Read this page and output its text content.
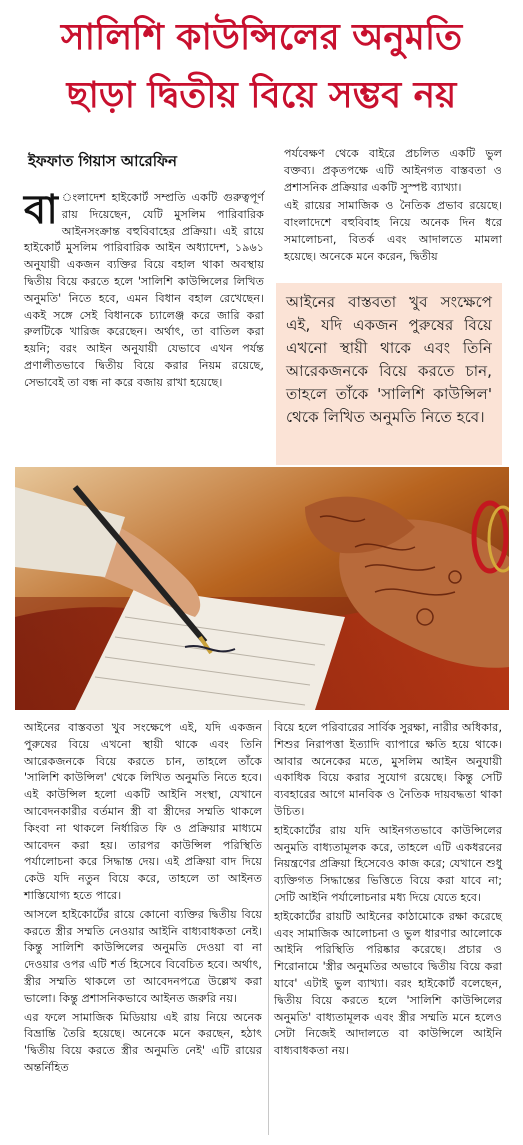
সালিশি কাউন্সিলের অনুমতি
ছাড়া দ্বিতীয় বিয়ে সম্ভব নয়
ইফফাত গিয়াস আরেফিন
বা ংলাদেশ হাইকোর্ট সম্প্রতি একটি গুরুত্বপূর্ণ রায় দিয়েছেন, যেটি মুসলিম পারিবারিক আইনসংক্রান্ত বহুবিবাহের প্রক্রিয়া। এই রায়ে হাইকোর্ট মুসলিম পারিবারিক আইন অধ্যাদেশ, ১৯৬১ অনুযায়ী একজন ব্যক্তির বিয়ে বহাল থাকা অবস্থায় দ্বিতীয় বিয়ে করতে হলে 'সালিশি কাউন্সিলের লিখিত অনুমতি' নিতে হবে, এমন বিধান বহাল রেখেছেন। একই সঙ্গে সেই বিধানকে চ্যালেঞ্জ করে জারি করা রুলটিকে খারিজ করেছেন। অর্থাৎ, তা বাতিল করা হয়নি; বরং আইন অনুযায়ী যেভাবে এখন পর্যন্ত প্রণালীতভাবে দ্বিতীয় বিয়ে করার নিয়ম রয়েছে, সেভাবেই তা বন্ধ না করে বজায় রাখা হয়েছে।

পর্যবেক্ষণ থেকে বাইরে প্রচলিত একটি ভুল বক্তব্য। প্রকৃতপক্ষে এটি আইনগত বাস্তবতা ও প্রশাসনিক প্রক্রিয়ার একটি সুস্পষ্ট ব্যাখ্যা।

এই রায়ের সামাজিক ও নৈতিক প্রভাব রয়েছে। বাংলাদেশে বহুবিবাহ নিয়ে অনেক দিন ধরে সমালোচনা, বিতর্ক এবং আদালতে মামলা হয়েছে। অনেকে মনে করেন, দ্বিতীয়

আইনের বাস্তবতা খুব সংক্ষেপে এই, যদি একজন পুরুষের বিয়ে এখনো স্থায়ী থাকে এবং তিনি আরেকজনকে বিয়ে করতে চান, তাহলে তাঁকে 'সালিশি কাউন্সিল' থেকে লিখিত অনুমতি নিতে হবে।

আইনের বাস্তবতা খুব সংক্ষেপে এই, যদি একজন পুরুষের বিয়ে এখনো স্থায়ী থাকে এবং তিনি আরেকজনকে বিয়ে করতে চান, তাহলে তাঁকে 'সালিশি কাউন্সিল' থেকে লিখিত অনুমতি নিতে হবে। এই কাউন্সিল হলো একটি আইনি সংস্থা, যেখানে আবেদনকারীর বর্তমান স্ত্রী বা স্ত্রীদের সম্মতি থাকলে কিংবা না থাকলে নির্ধারিত ফি ও প্রক্রিয়ার মাধ্যমে আবেদন করা হয়। তারপর কাউন্সিল পরিস্থিতি পর্যালোচনা করে সিদ্ধান্ত দেয়। এই প্রক্রিয়া বাদ দিয়ে কেউ যদি নতুন বিয়ে করে, তাহলে তা আইনত শাস্তিযোগ্য হতে পারে।

আসলে হাইকোর্টের রায়ে কোনো ব্যক্তির দ্বিতীয় বিয়ে করতে স্ত্রীর সম্মতি নেওয়ার আইনি বাধ্যবাধকতা নেই। কিন্তু সালিশি কাউন্সিলের অনুমতি দেওয়া বা না দেওয়ার ওপর এটি শর্ত হিসেবে বিবেচিত হবে। অর্থাৎ, স্ত্রীর সম্মতি থাকলে তা আবেদনপত্রে উল্লেখ করা ভালো। কিন্তু প্রশাসনিকভাবে আইনত জরুরি নয়।

এর ফলে সামাজিক মিডিয়ায় এই রায় নিয়ে অনেক বিভ্রান্তি তৈরি হয়েছে। অনেকে মনে করছেন, হঠাৎ 'দ্বিতীয় বিয়ে করতে স্ত্রীর অনুমতি নেই' এটি রায়ের অন্তর্নিহিত

বিয়ে হলে পরিবারের সার্বিক সুরক্ষা, নারীর অধিকার, শিশুর নিরাপত্তা ইত্যাদি ব্যাপারে ক্ষতি হয়ে থাকে। আবার অনেকের মতে, মুসলিম আইন অনুযায়ী একাধিক বিয়ে করার সুযোগ রয়েছে। কিন্তু সেটি ব্যবহারের আগে মানবিক ও নৈতিক দায়বদ্ধতা থাকা উচিত।

হাইকোর্টের রায় যদি আইনগতভাবে কাউন্সিলের অনুমতি বাধ্যতামূলক করে, তাহলে এটি একধরনের নিয়ন্ত্রণের প্রক্রিয়া হিসেবেও কাজ করে; যেখানে শুধু ব্যক্তিগত সিদ্ধান্তের ভিত্তিতে বিয়ে করা যাবে না; সেটি আইনি পর্যালোচনার মধ্য দিয়ে যেতে হবে।

হাইকোর্টের রায়টি আইনের কাঠামোকে রক্ষা করেছে এবং সামাজিক আলোচনা ও ভুল ধারণার আলোকে আইনি পরিস্থিতি পরিষ্কার করেছে। প্রচার ও শিরোনামে 'স্ত্রীর অনুমতির অভাবে দ্বিতীয় বিয়ে করা যাবে' এটাই ভুল ব্যাখ্যা। বরং হাইকোর্ট বলেছেন, দ্বিতীয় বিয়ে করতে হলে 'সালিশি কাউন্সিলের অনুমতি' বাধ্যতামূলক এবং স্ত্রীর সম্মতি মনে হলেও সেটা নিজেই আদালতে বা কাউন্সিলে আইনি বাধ্যবাধকতা নয়।
